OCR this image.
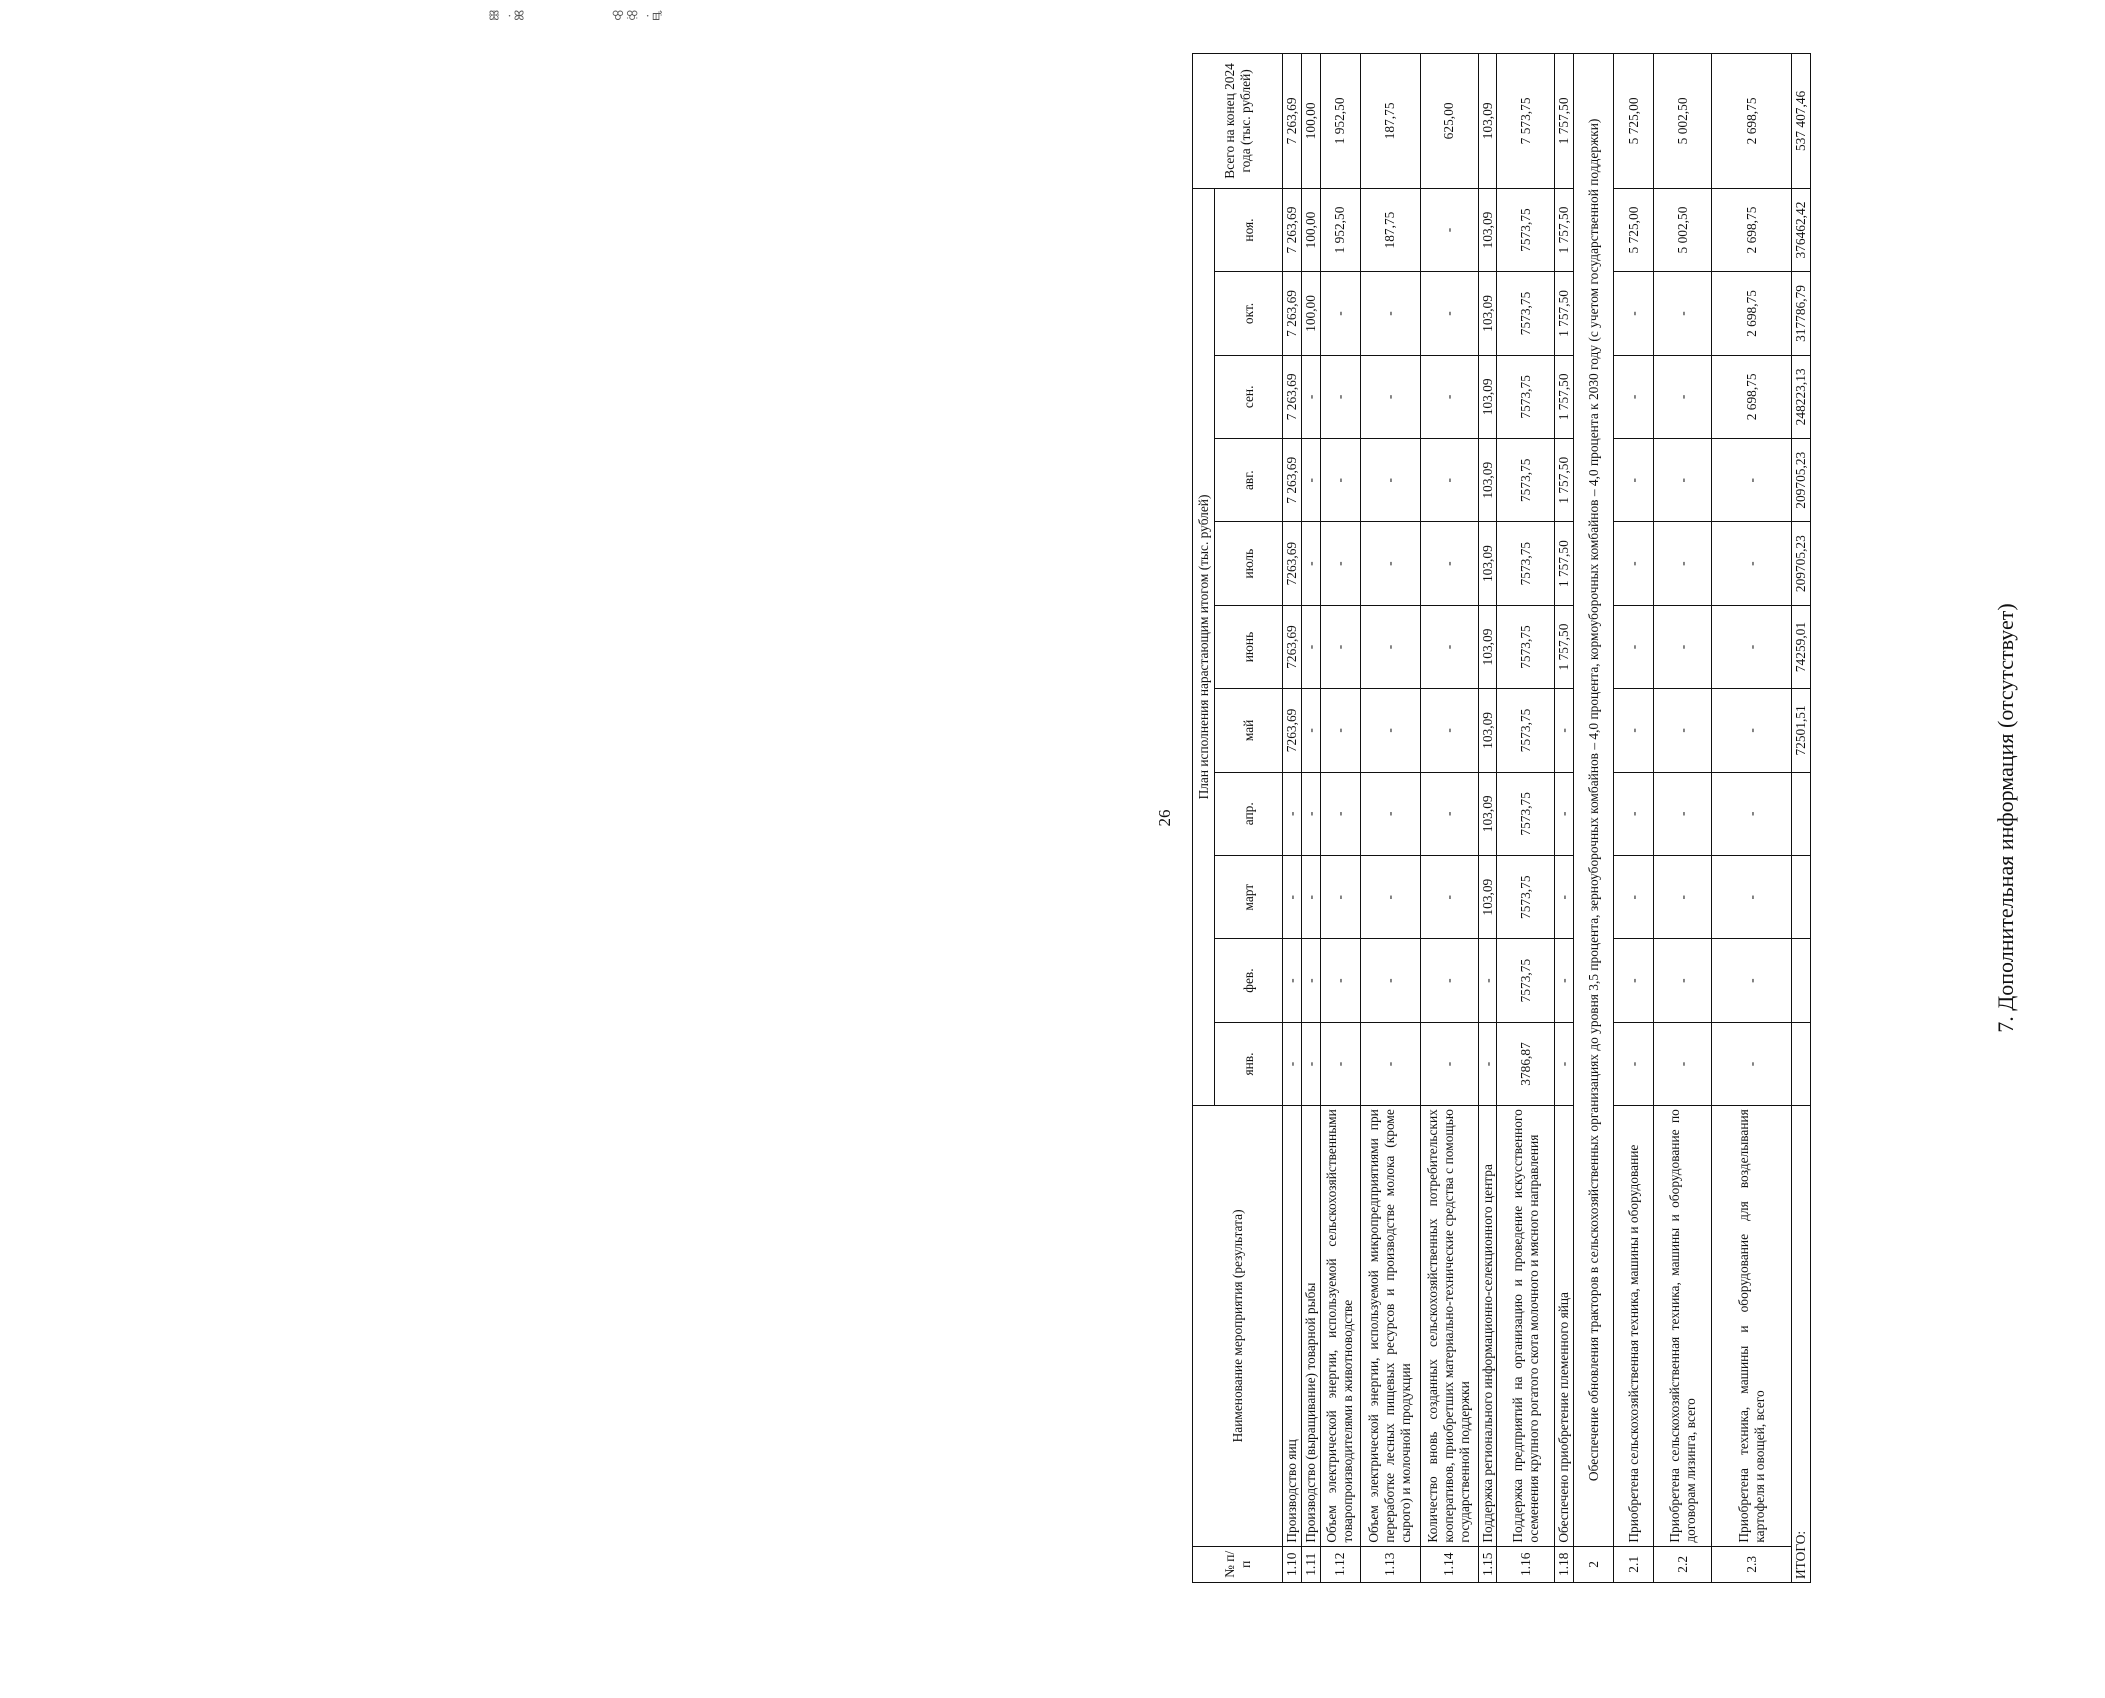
ꕥ ·ꕤ	ꕢꕣ ·ꕡ
26
№ п/п	Наименование мероприятия (результата)	План исполнения нарастающим итогом (тыс. рублей)											Всего на конец 2024 года (тыс. рублей)
		янв.	фев.	март	апр.	май	июнь	июль	авг.	сен.	окт.	ноя.	
1.10	Производство яиц	-	-	-	-	7263,69	7263,69	7263,69	7 263,69	7 263,69	7 263,69	7 263,69	7 263,69
1.11	Производство (выращивание) товарной рыбы	-	-	-	-	-	-	-	-	-	100,00	100,00	100,00
1.12	Объем электрической энергии, используемой сельскохозяйственными товаропроизводителями в животноводстве	-	-	-	-	-	-	-	-	-	-	1 952,50	1 952,50
1.13	Объем электрической энергии, используемой микропредприятиями при переработке лесных пищевых ресурсов и производстве молока (кроме сырого) и молочной продукции	-	-	-	-	-	-	-	-	-	-	187,75	187,75
1.14	Количество вновь созданных сельскохозяйственных потребительских кооперативов, приобретших материально-технические средства с помощью государственной поддержки	-	-	-	-	-	-	-	-	-	-	-	625,00
1.15	Поддержка регионального информационно-селекционного центра	-	-	103,09	103,09	103,09	103,09	103,09	103,09	103,09	103,09	103,09	103,09
1.16	Поддержка предприятий на организацию и проведение искусственного осеменения крупного рогатого скота молочного и мясного направления	3786,87	7573,75	7573,75	7573,75	7573,75	7573,75	7573,75	7573,75	7573,75	7573,75	7573,75	7 573,75
1.18	Обеспечено приобретение племенного яйца	-	-	-	-	-	1 757,50	1 757,50	1 757,50	1 757,50	1 757,50	1 757,50	1 757,50
2	Обеспечение обновления тракторов в сельскохозяйственных организациях до уровня 3,5 процента, зерноуборочных комбайнов – 4,0 процента, кормоуборочных комбайнов – 4,0 процента к 2030 году (с учетом государственной поддержки)												
2.1	Приобретена сельскохозяйственная техника, машины и оборудование	-	-	-	-	-	-	-	-	-	-	5 725,00	5 725,00
2.2	Приобретена сельскохозяйственная техника, машины и оборудование по договорам лизинга, всего	-	-	-	-	-	-	-	-	-	-	5 002,50	5 002,50
2.3	Приобретена техника, машины и оборудование для возделывания картофеля и овощей, всего	-	-	-	-	-	-	-	-	2 698,75	2 698,75	2 698,75	2 698,75
ИТОГО:						72501,51	74259,01	209705,23	209705,23	248223,13	317786,79	376462,42	537 407,46
7. Дополнительная информация (отсутствует)
